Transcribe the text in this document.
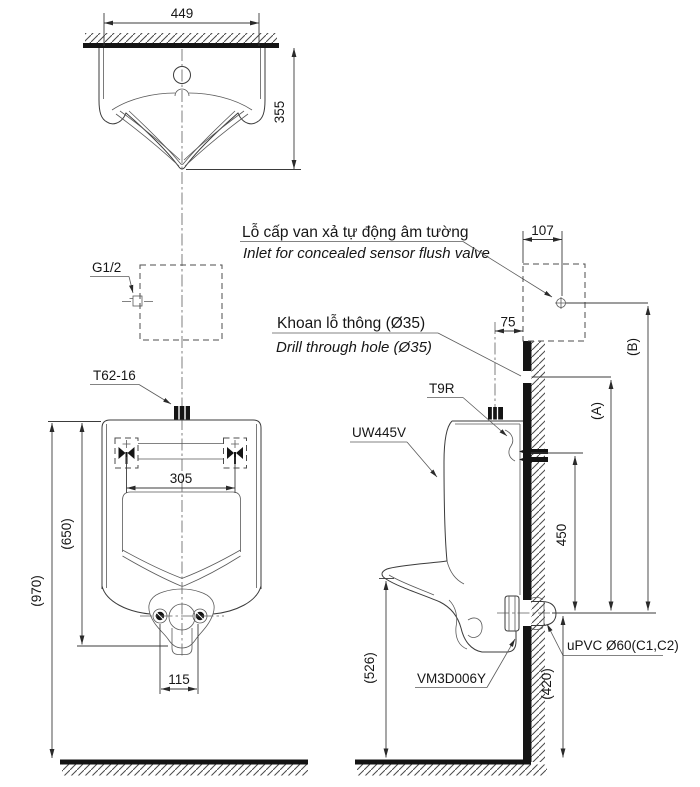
449
355
G1/2
T62-16
305
115
(650)
(970)
Lỗ cấp van xả tự động âm tường
Inlet for concealed sensor flush valve
Khoan lỗ thông (Ø35)
Drill through hole (Ø35)
107
75
T9R
UW445V
VM3D006Y
uPVC Ø60(C1,C2)
450
(A)
(B)
(420)
(526)
